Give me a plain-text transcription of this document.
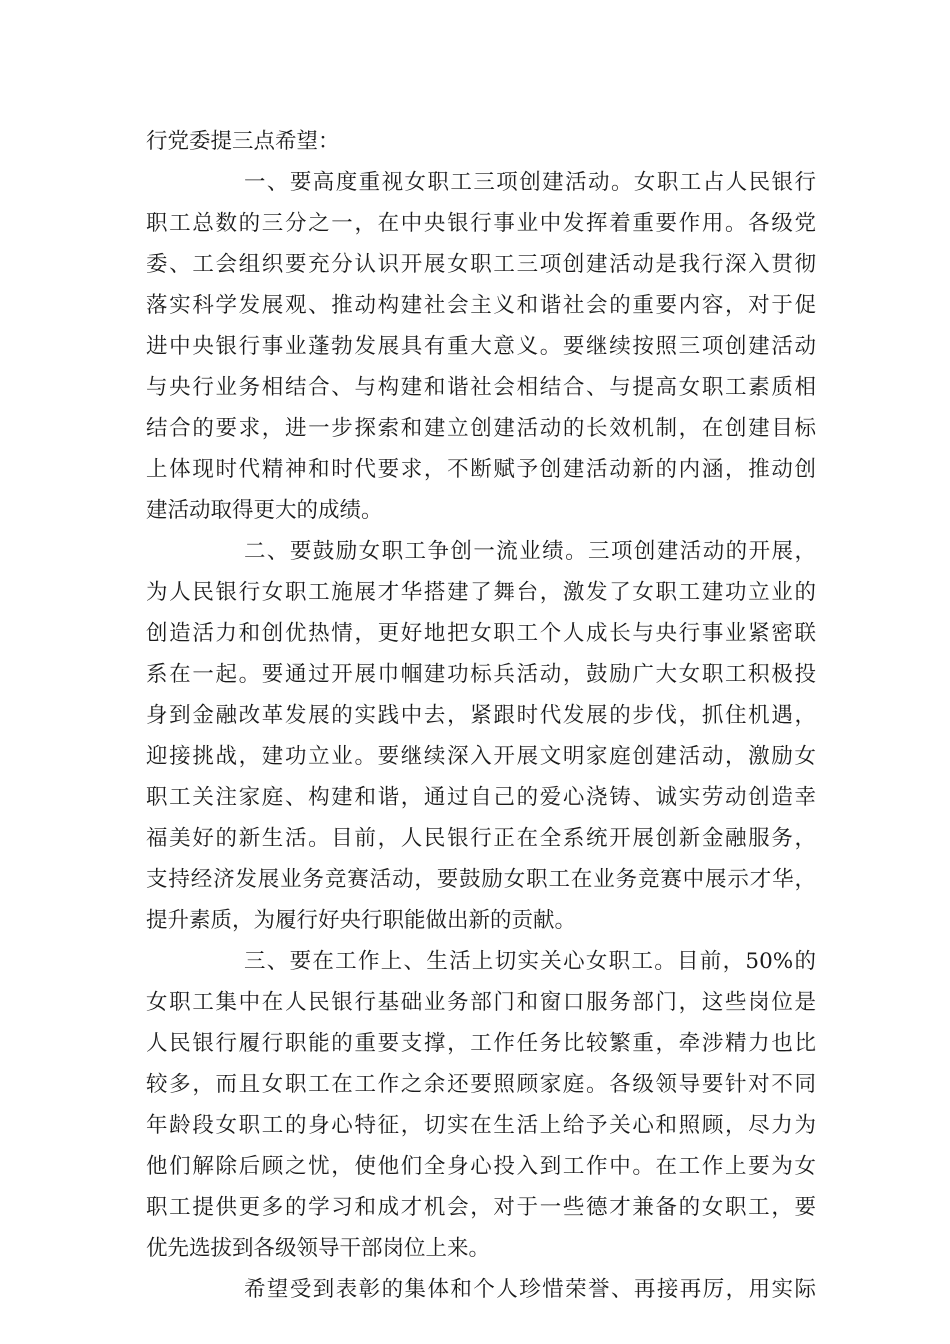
行党委提三点希望：
一、要高度重视女职工三项创建活动。女职工占人民银行
职工总数的三分之一，在中央银行事业中发挥着重要作用。各级党
委、工会组织要充分认识开展女职工三项创建活动是我行深入贯彻
落实科学发展观、推动构建社会主义和谐社会的重要内容，对于促
进中央银行事业蓬勃发展具有重大意义。要继续按照三项创建活动
与央行业务相结合、与构建和谐社会相结合、与提高女职工素质相
结合的要求，进一步探索和建立创建活动的长效机制，在创建目标
上体现时代精神和时代要求，不断赋予创建活动新的内涵，推动创
建活动取得更大的成绩。
二、要鼓励女职工争创一流业绩。三项创建活动的开展，
为人民银行女职工施展才华搭建了舞台，激发了女职工建功立业的
创造活力和创优热情，更好地把女职工个人成长与央行事业紧密联
系在一起。要通过开展巾帼建功标兵活动，鼓励广大女职工积极投
身到金融改革发展的实践中去，紧跟时代发展的步伐，抓住机遇，
迎接挑战，建功立业。要继续深入开展文明家庭创建活动，激励女
职工关注家庭、构建和谐，通过自己的爱心浇铸、诚实劳动创造幸
福美好的新生活。目前，人民银行正在全系统开展创新金融服务，
支持经济发展业务竞赛活动，要鼓励女职工在业务竞赛中展示才华，
提升素质，为履行好央行职能做出新的贡献。
三、要在工作上、生活上切实关心女职工。目前，50%的
女职工集中在人民银行基础业务部门和窗口服务部门，这些岗位是
人民银行履行职能的重要支撑，工作任务比较繁重，牵涉精力也比
较多，而且女职工在工作之余还要照顾家庭。各级领导要针对不同
年龄段女职工的身心特征，切实在生活上给予关心和照顾，尽力为
他们解除后顾之忧，使他们全身心投入到工作中。在工作上要为女
职工提供更多的学习和成才机会，对于一些德才兼备的女职工，要
优先选拔到各级领导干部岗位上来。
希望受到表彰的集体和个人珍惜荣誉、再接再厉，用实际
